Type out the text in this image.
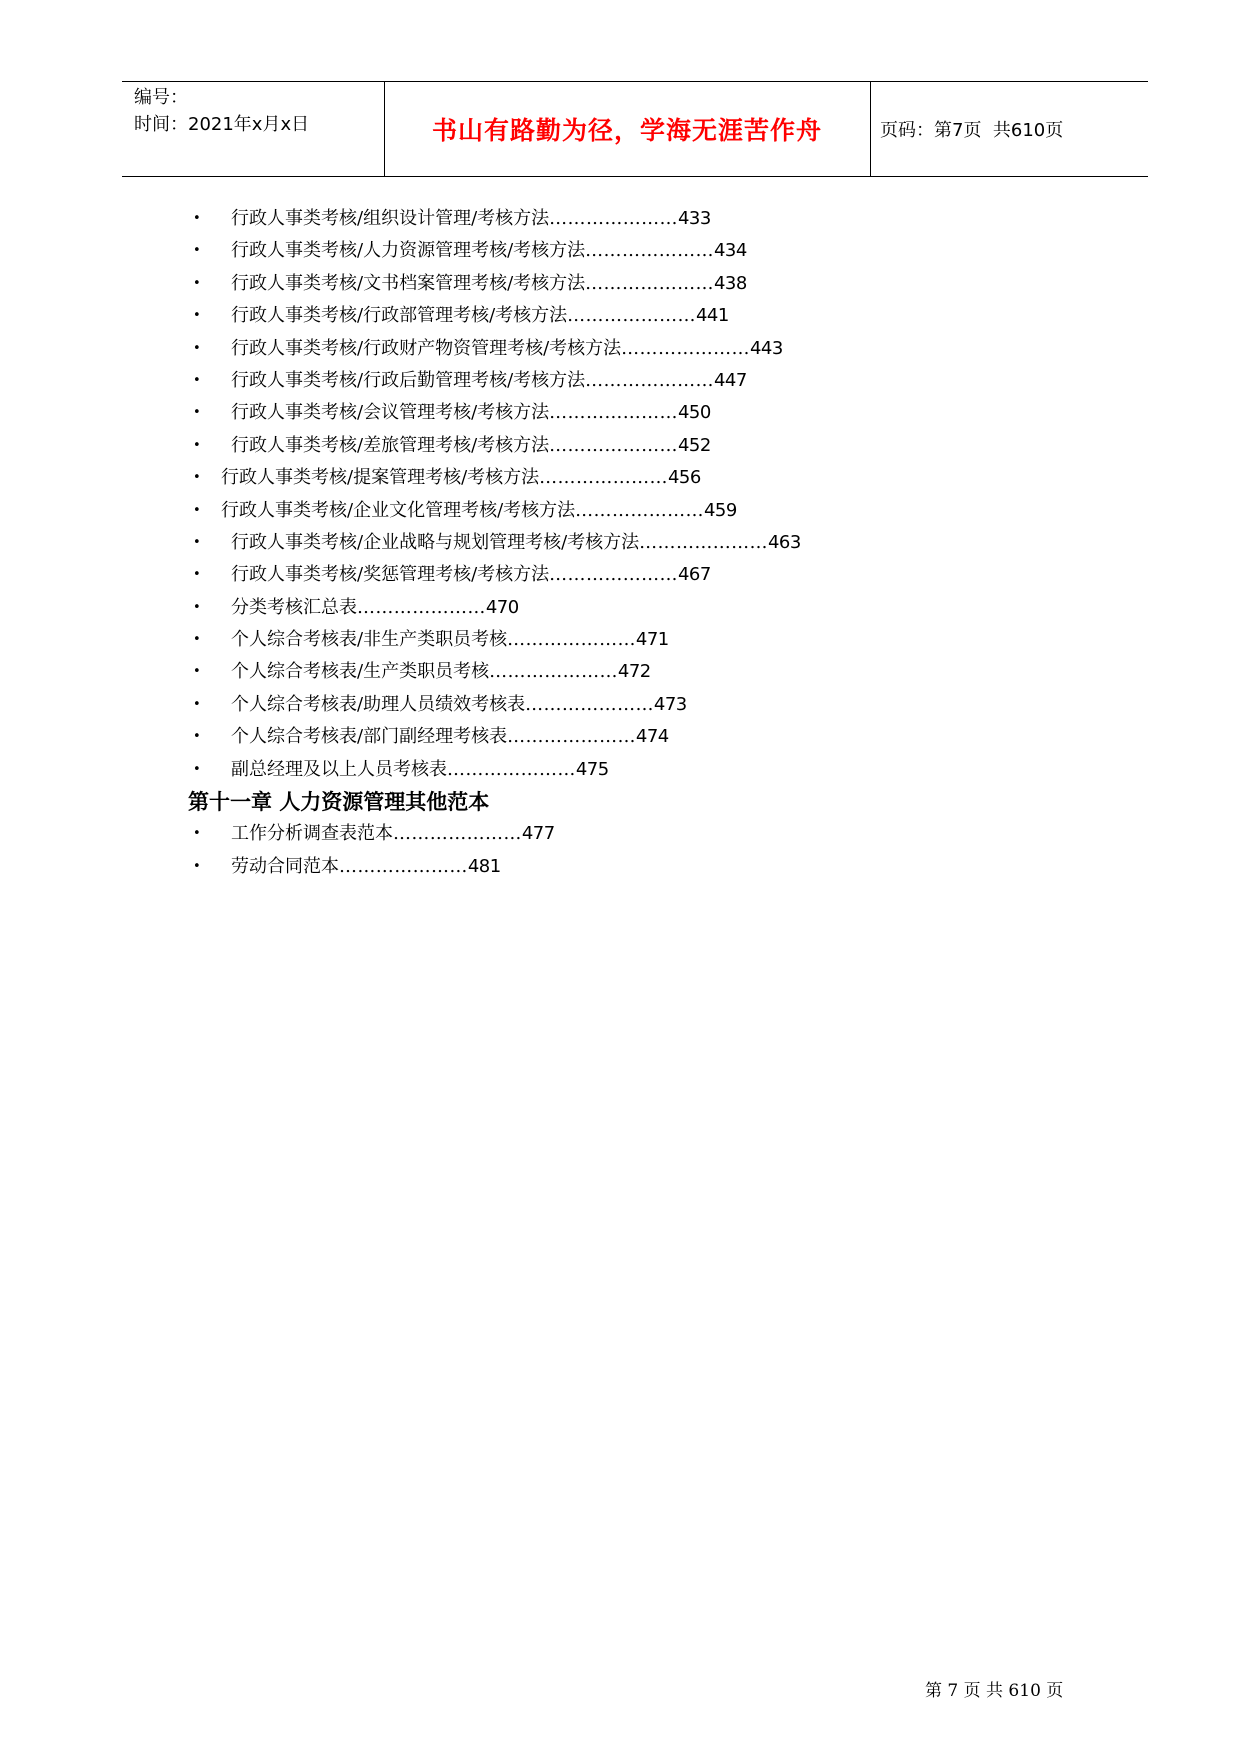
编号：
时间：2021年x月x日	书山有路勤为径，学海无涯苦作舟	页码：第7页  共610页
• 行政人事类考核/组织设计管理/考核方法…………………433
• 行政人事类考核/人力资源管理考核/考核方法…………………434
• 行政人事类考核/文书档案管理考核/考核方法…………………438
• 行政人事类考核/行政部管理考核/考核方法…………………441
• 行政人事类考核/行政财产物资管理考核/考核方法…………………443
• 行政人事类考核/行政后勤管理考核/考核方法…………………447
• 行政人事类考核/会议管理考核/考核方法…………………450
• 行政人事类考核/差旅管理考核/考核方法…………………452
• 行政人事类考核/提案管理考核/考核方法…………………456
• 行政人事类考核/企业文化管理考核/考核方法…………………459
• 行政人事类考核/企业战略与规划管理考核/考核方法…………………463
• 行政人事类考核/奖惩管理考核/考核方法…………………467
• 分类考核汇总表…………………470
• 个人综合考核表/非生产类职员考核…………………471
• 个人综合考核表/生产类职员考核…………………472
• 个人综合考核表/助理人员绩效考核表…………………473
• 个人综合考核表/部门副经理考核表…………………474
• 副总经理及以上人员考核表…………………475
第十一章 人力资源管理其他范本
• 工作分析调查表范本…………………477
• 劳动合同范本…………………481
第 7 页 共 610 页
